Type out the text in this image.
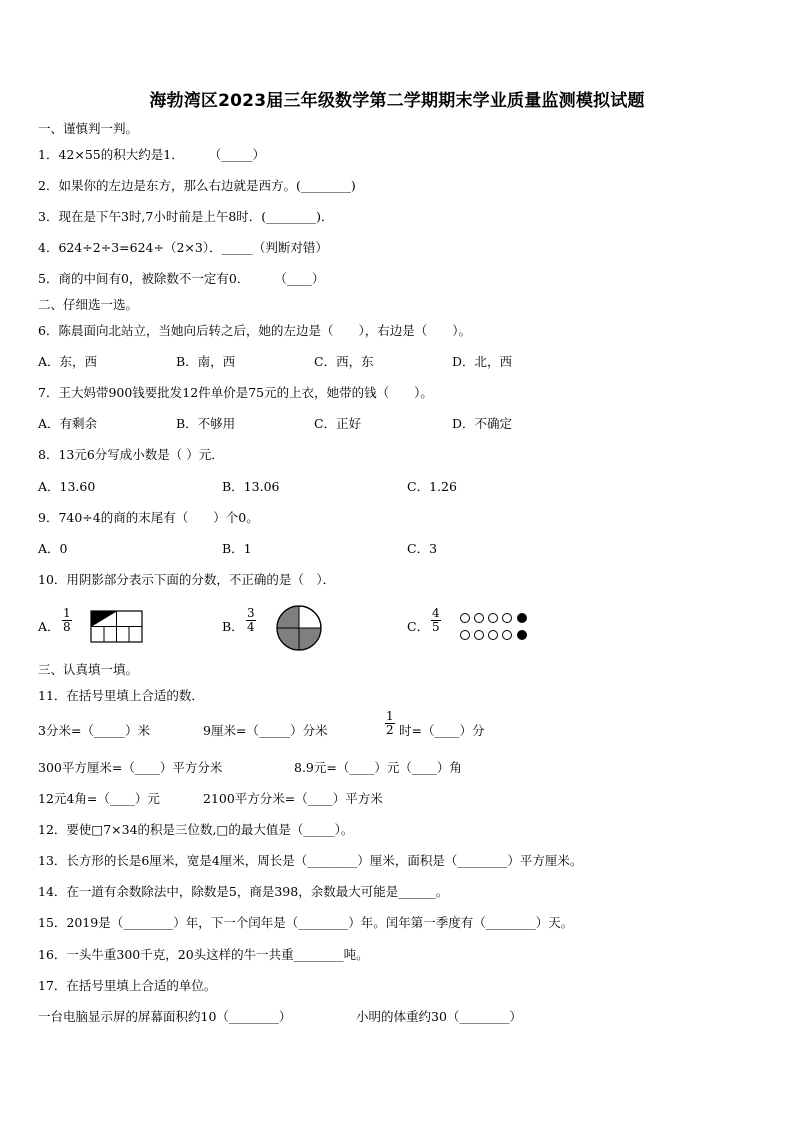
海勃湾区2023届三年级数学第二学期期末学业质量监测模拟试题
一、谨慎判一判。
1．42×55的积大约是1．　　　（_____）
2．如果你的左边是东方，那么右边就是西方。(________)
3．现在是下午3时,7小时前是上午8时．(________)．
4．624÷2÷3=624÷（2×3）．_____（判断对错）
5．商的中间有0，被除数不一定有0．　　　（____）
二、仔细选一选。
6．陈晨面向北站立，当她向后转之后，她的左边是（　　），右边是（　　）。
A．东，西	B．南，西	C．西，东	D．北，西
7．王大妈带900钱要批发12件单价是75元的上衣，她带的钱（　　）。
A．有剩余	B．不够用	C．正好	D．不确定
8．13元6分写成小数是（ ）元．
A．13.60	B．13.06	C．1.26
9．740÷4的商的末尾有（　　）个0。
A．0	B．1	C．3
10．用阴影部分表示下面的分数，不正确的是（　）．
A． $\frac{1}{8}$	B． $\frac{3}{4}$	C． $\frac{4}{5}$
三、认真填一填。
11．在括号里填上合适的数．
3分米=（_____）米	9厘米=（_____）分米	$\frac{1}{2}$ 时=（____）分
300平方厘米=（____）平方分米	8.9元=（____）元（____）角
12元4角=（____）元	2100平方分米=（____）平方米
12．要使□7×34的积是三位数,□的最大值是（_____）。
13．长方形的长是6厘米，宽是4厘米，周长是（________）厘米，面积是（________）平方厘米。
14．在一道有余数除法中，除数是5，商是398，余数最大可能是______。
15．2019是（________）年，下一个闰年是（________）年。闰年第一季度有（________）天。
16．一头牛重300千克，20头这样的牛一共重________吨。
17．在括号里填上合适的单位。
一台电脑显示屏的屏幕面积约10（________）	小明的体重约30（________）
